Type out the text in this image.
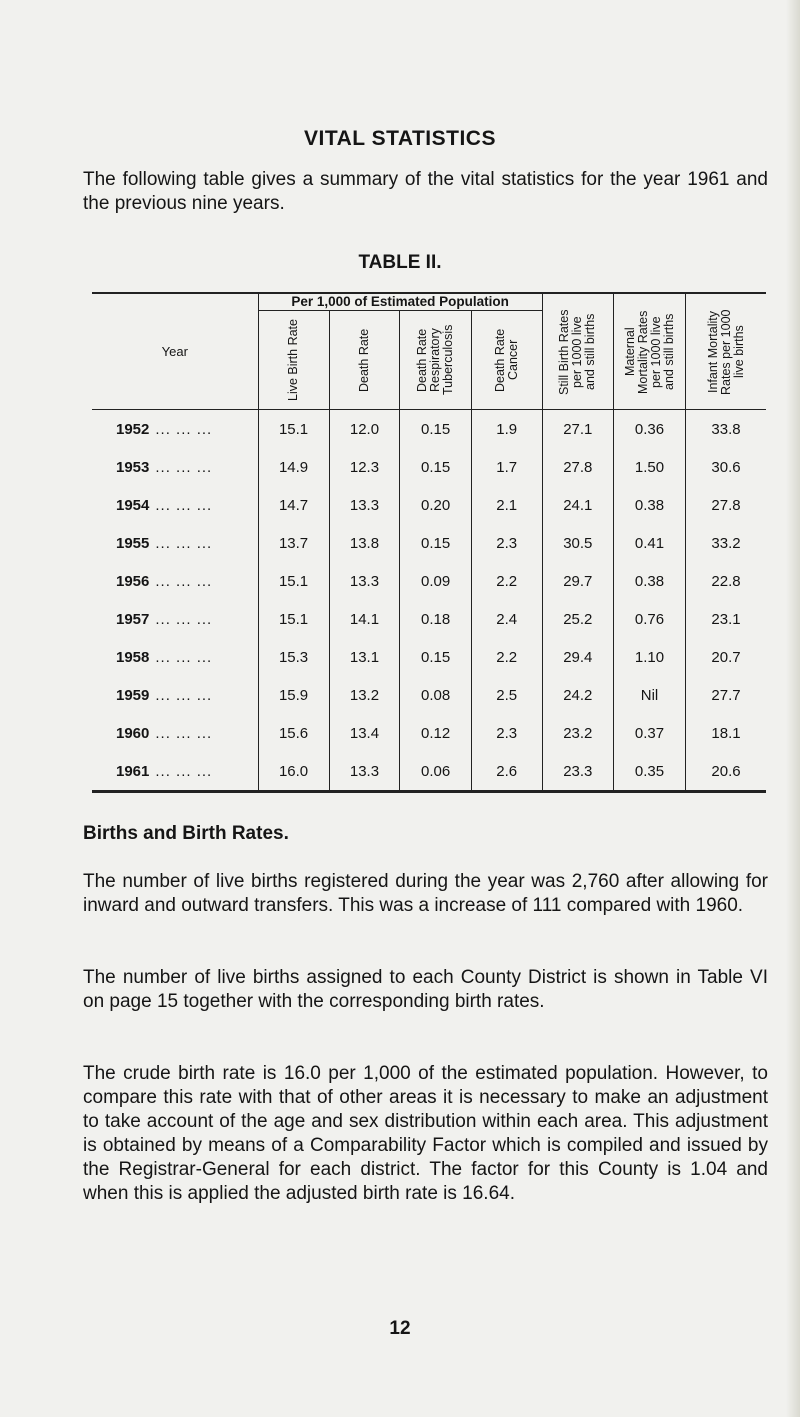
VITAL STATISTICS
The following table gives a summary of the vital statistics for the year 1961 and the previous nine years.
TABLE II.
Year	Per 1,000 of Estimated Population				Still Birth Rates per 1000 live and still births	Maternal Mortality Rates per 1000 live and still births	Infant Mortality Rates per 1000 live births

	Live Birth Rate	Death Rate	Death Rate Respiratory Tuberculosis	Death Rate Cancer			

1952 ... ... ...	15.1	12.0	0.15	1.9	27.1	0.36	33.8
1953 ... ... ...	14.9	12.3	0.15	1.7	27.8	1.50	30.6
1954 ... ... ...	14.7	13.3	0.20	2.1	24.1	0.38	27.8
1955 ... ... ...	13.7	13.8	0.15	2.3	30.5	0.41	33.2
1956 ... ... ...	15.1	13.3	0.09	2.2	29.7	0.38	22.8
1957 ... ... ...	15.1	14.1	0.18	2.4	25.2	0.76	23.1
1958 ... ... ...	15.3	13.1	0.15	2.2	29.4	1.10	20.7
1959 ... ... ...	15.9	13.2	0.08	2.5	24.2	Nil	27.7
1960 ... ... ...	15.6	13.4	0.12	2.3	23.2	0.37	18.1
1961 ... ... ...	16.0	13.3	0.06	2.6	23.3	0.35	20.6
Births and Birth Rates.
The number of live births registered during the year was 2,760 after allowing for inward and outward transfers. This was a increase of 111 compared with 1960.
The number of live births assigned to each County District is shown in Table VI on page 15 together with the corresponding birth rates.
The crude birth rate is 16.0 per 1,000 of the estimated population. However, to compare this rate with that of other areas it is necessary to make an adjustment to take account of the age and sex distribution within each area. This adjustment is obtained by means of a Comparability Factor which is compiled and issued by the Registrar-General for each district. The factor for this County is 1.04 and when this is applied the adjusted birth rate is 16.64.
12
